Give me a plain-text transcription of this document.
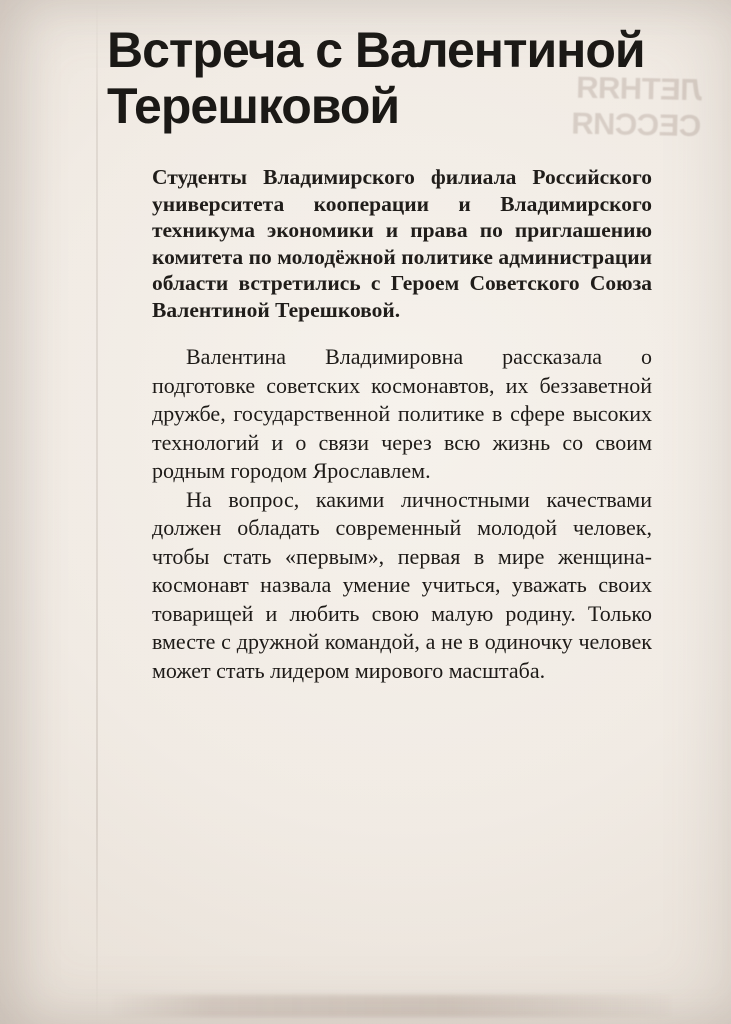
ЛЕТНЯЯ СЕССИЯ
Встреча с Валентиной Терешковой

Студенты Владимирского филиала Российского университета кооперации и Владимирского техникума экономики и права по приглашению комитета по молодёжной политике администрации области встретились с Героем Советского Союза Валентиной Терешковой.

Валентина Владимировна рассказала о подготовке советских космонавтов, их беззаветной дружбе, государственной политике в сфере высоких технологий и о связи через всю жизнь со своим родным городом Ярославлем.

На вопрос, какими личностными качествами должен обладать современный молодой человек, чтобы стать «первым», первая в мире женщина-космонавт назвала умение учиться, уважать своих товарищей и любить свою малую родину. Только вместе с дружной командой, а не в одиночку человек может стать лидером мирового масштаба.
